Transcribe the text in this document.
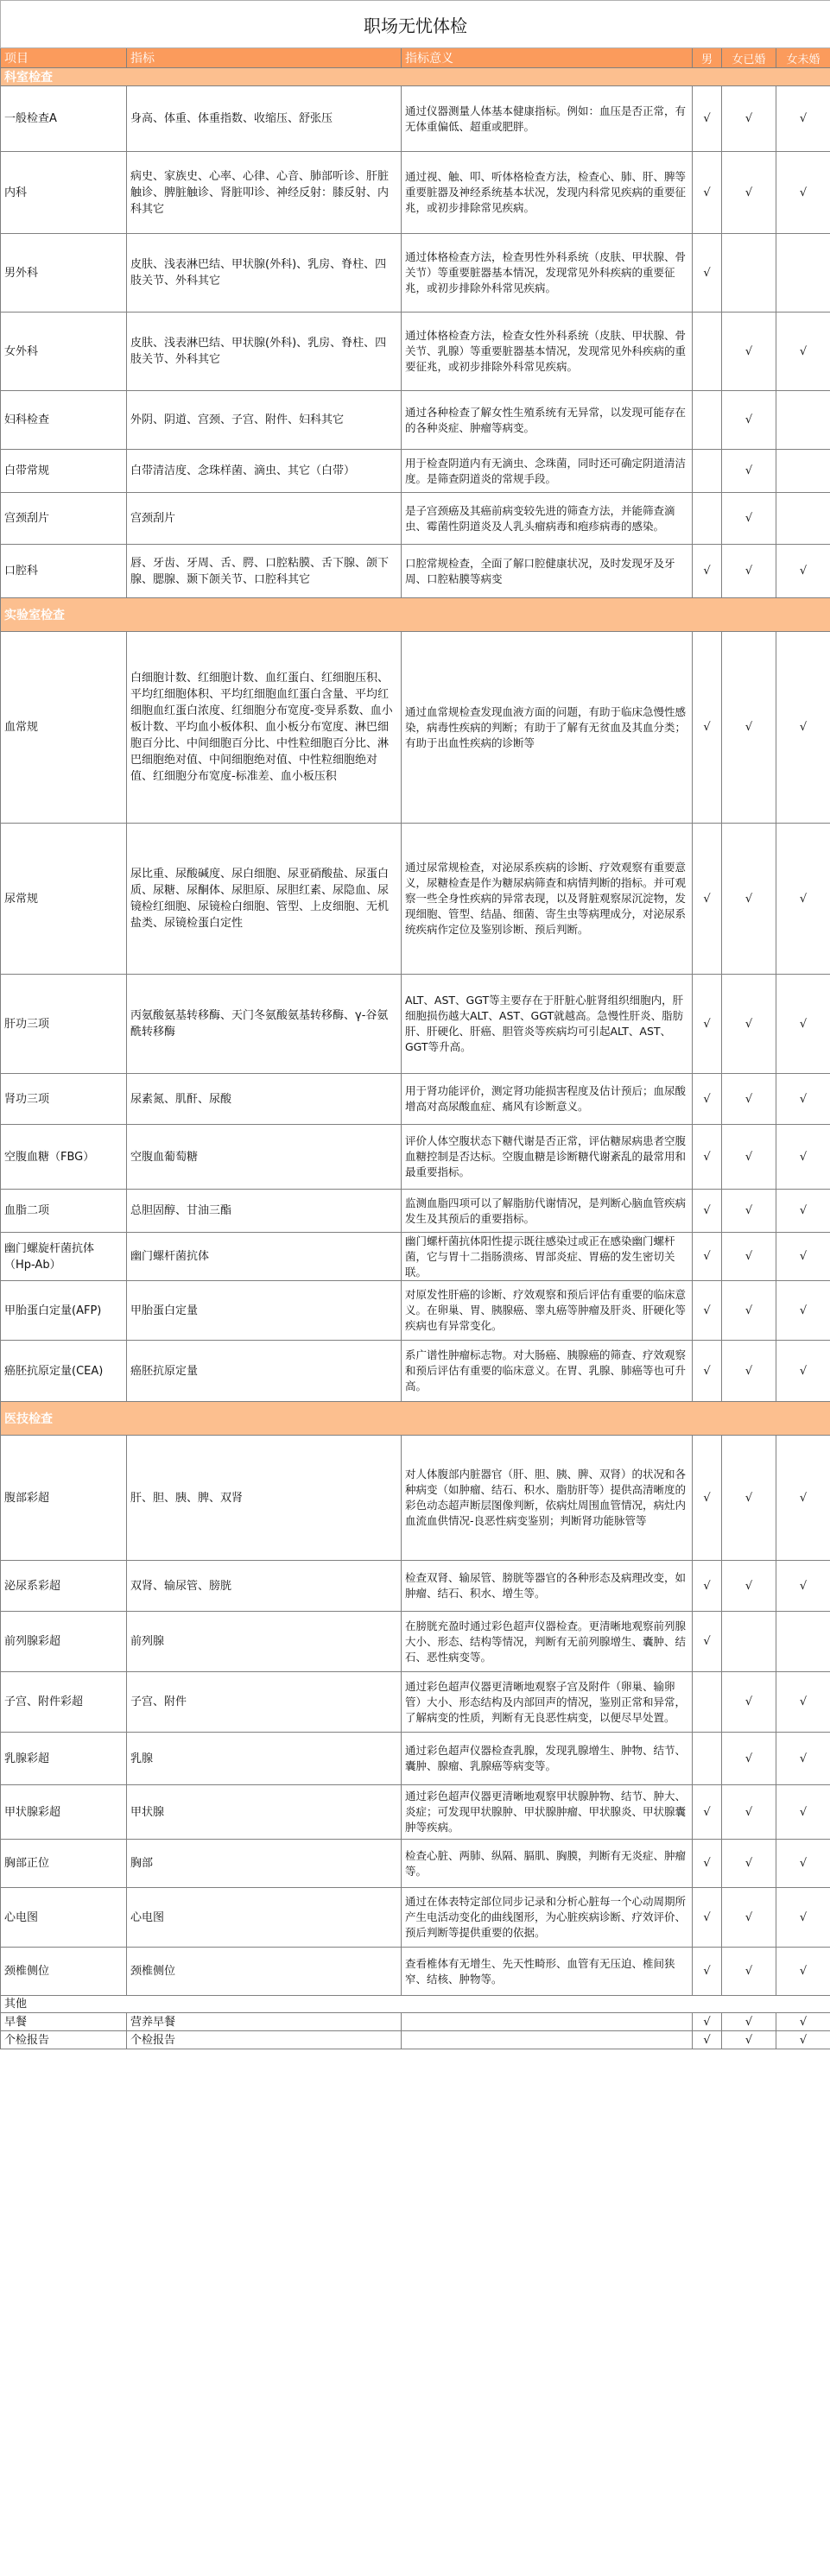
职场无忧体检					
项目	指标	指标意义	男	女已婚	女未婚
科室检查					
一般检查A	身高、体重、体重指数、收缩压、舒张压	通过仪器测量人体基本健康指标。例如：血压是否正常，有无体重偏低、超重或肥胖。	√	√	√
内科	病史、家族史、心率、心律、心音、肺部听诊、肝脏触诊、脾脏触诊、肾脏叩诊、神经反射：膝反射、内科其它	通过视、触、叩、听体格检查方法，检查心、肺、肝、脾等重要脏器及神经系统基本状况，发现内科常见疾病的重要征兆，或初步排除常见疾病。	√	√	√
男外科	皮肤、浅表淋巴结、甲状腺(外科)、乳房、脊柱、四肢关节、外科其它	通过体格检查方法，检查男性外科系统（皮肤、甲状腺、骨关节）等重要脏器基本情况，发现常见外科疾病的重要征兆，或初步排除外科常见疾病。	√		
女外科	皮肤、浅表淋巴结、甲状腺(外科)、乳房、脊柱、四肢关节、外科其它	通过体格检查方法，检查女性外科系统（皮肤、甲状腺、骨关节、乳腺）等重要脏器基本情况，发现常见外科疾病的重要征兆，或初步排除外科常见疾病。		√	√
妇科检查	外阴、阴道、宫颈、子宫、附件、妇科其它	通过各种检查了解女性生殖系统有无异常，以发现可能存在的各种炎症、肿瘤等病变。		√	
白带常规	白带清洁度、念珠样菌、滴虫、其它（白带）	用于检查阴道内有无滴虫、念珠菌，同时还可确定阴道清洁度。是筛查阴道炎的常规手段。		√	
宫颈刮片	宫颈刮片	是子宫颈癌及其癌前病变较先进的筛查方法，并能筛查滴虫、霉菌性阴道炎及人乳头瘤病毒和疱疹病毒的感染。		√	
口腔科	唇、牙齿、牙周、舌、腭、口腔粘膜、舌下腺、颌下腺、腮腺、颞下颌关节、口腔科其它	口腔常规检查，全面了解口腔健康状况，及时发现牙及牙周、口腔粘膜等病变	√	√	√
实验室检查					
血常规	白细胞计数、红细胞计数、血红蛋白、红细胞压积、平均红细胞体积、平均红细胞血红蛋白含量、平均红细胞血红蛋白浓度、红细胞分布宽度-变异系数、血小板计数、平均血小板体积、血小板分布宽度、淋巴细胞百分比、中间细胞百分比、中性粒细胞百分比、淋巴细胞绝对值、中间细胞绝对值、中性粒细胞绝对值、红细胞分布宽度-标准差、血小板压积	通过血常规检查发现血液方面的问题，有助于临床急慢性感染，病毒性疾病的判断；有助于了解有无贫血及其血分类；有助于出血性疾病的诊断等	√	√	√
尿常规	尿比重、尿酸碱度、尿白细胞、尿亚硝酸盐、尿蛋白质、尿糖、尿酮体、尿胆原、尿胆红素、尿隐血、尿镜检红细胞、尿镜检白细胞、管型、上皮细胞、无机盐类、尿镜检蛋白定性	通过尿常规检查，对泌尿系疾病的诊断、疗效观察有重要意义，尿糖检查是作为糖尿病筛查和病情判断的指标。并可观察一些全身性疾病的异常表现，以及肾脏观察尿沉淀物，发现细胞、管型、结晶、细菌、寄生虫等病理成分，对泌尿系统疾病作定位及鉴别诊断、预后判断。	√	√	√
肝功三项	丙氨酸氨基转移酶、天门冬氨酸氨基转移酶、γ-谷氨酰转移酶	ALT、AST、GGT等主要存在于肝脏心脏肾组织细胞内，肝细胞损伤越大ALT、AST、GGT就越高。急慢性肝炎、脂肪肝、肝硬化、肝癌、胆管炎等疾病均可引起ALT、AST、GGT等升高。	√	√	√
肾功三项	尿素氮、肌酐、尿酸	用于肾功能评价，测定肾功能损害程度及估计预后；血尿酸增高对高尿酸血症、痛风有诊断意义。	√	√	√
空腹血糖（FBG）	空腹血葡萄糖	评价人体空腹状态下糖代谢是否正常，评估糖尿病患者空腹血糖控制是否达标。空腹血糖是诊断糖代谢紊乱的最常用和最重要指标。	√	√	√
血脂二项	总胆固醇、甘油三酯	监测血脂四项可以了解脂肪代谢情况，是判断心脑血管疾病发生及其预后的重要指标。	√	√	√
幽门螺旋杆菌抗体（Hp-Ab）	幽门螺杆菌抗体	幽门螺杆菌抗体阳性提示既往感染过或正在感染幽门螺杆菌，它与胃十二指肠溃疡、胃部炎症、胃癌的发生密切关联。	√	√	√
甲胎蛋白定量(AFP)	甲胎蛋白定量	对原发性肝癌的诊断、疗效观察和预后评估有重要的临床意义。在卵巢、胃、胰腺癌、睾丸癌等肿瘤及肝炎、肝硬化等疾病也有异常变化。	√	√	√
癌胚抗原定量(CEA)	癌胚抗原定量	系广谱性肿瘤标志物。对大肠癌、胰腺癌的筛查、疗效观察和预后评估有重要的临床意义。在胃、乳腺、肺癌等也可升高。	√	√	√
医技检查					
腹部彩超	肝、胆、胰、脾、双肾	对人体腹部内脏器官（肝、胆、胰、脾、双肾）的状况和各种病变（如肿瘤、结石、积水、脂肪肝等）提供高清晰度的彩色动态超声断层图像判断，依病灶周围血管情况，病灶内血流血供情况-良恶性病变鉴别；判断肾功能脉管等	√	√	√
泌尿系彩超	双肾、输尿管、膀胱	检查双肾、输尿管、膀胱等器官的各种形态及病理改变，如肿瘤、结石、积水、增生等。	√	√	√
前列腺彩超	前列腺	在膀胱充盈时通过彩色超声仪器检查。更清晰地观察前列腺大小、形态、结构等情况，判断有无前列腺增生、囊肿、结石、恶性病变等。	√		
子宫、附件彩超	子宫、附件	通过彩色超声仪器更清晰地观察子宫及附件（卵巢、输卵管）大小、形态结构及内部回声的情况，鉴别正常和异常，了解病变的性质，判断有无良恶性病变，以便尽早处置。		√	√
乳腺彩超	乳腺	通过彩色超声仪器检查乳腺，发现乳腺增生、肿物、结节、囊肿、腺瘤、乳腺癌等病变等。		√	√
甲状腺彩超	甲状腺	通过彩色超声仪器更清晰地观察甲状腺肿物、结节、肿大、炎症；可发现甲状腺肿、甲状腺肿瘤、甲状腺炎、甲状腺囊肿等疾病。	√	√	√
胸部正位	胸部	检查心脏、两肺、纵隔、膈肌、胸膜，判断有无炎症、肿瘤等。	√	√	√
心电图	心电图	通过在体表特定部位同步记录和分析心脏每一个心动周期所产生电活动变化的曲线图形，为心脏疾病诊断、疗效评价、预后判断等提供重要的依据。	√	√	√
颈椎侧位	颈椎侧位	查看椎体有无增生、先天性畸形、血管有无压迫、椎间狭窄、结核、肿物等。	√	√	√
其他					
早餐	营养早餐		√	√	√
个检报告	个检报告		√	√	√
